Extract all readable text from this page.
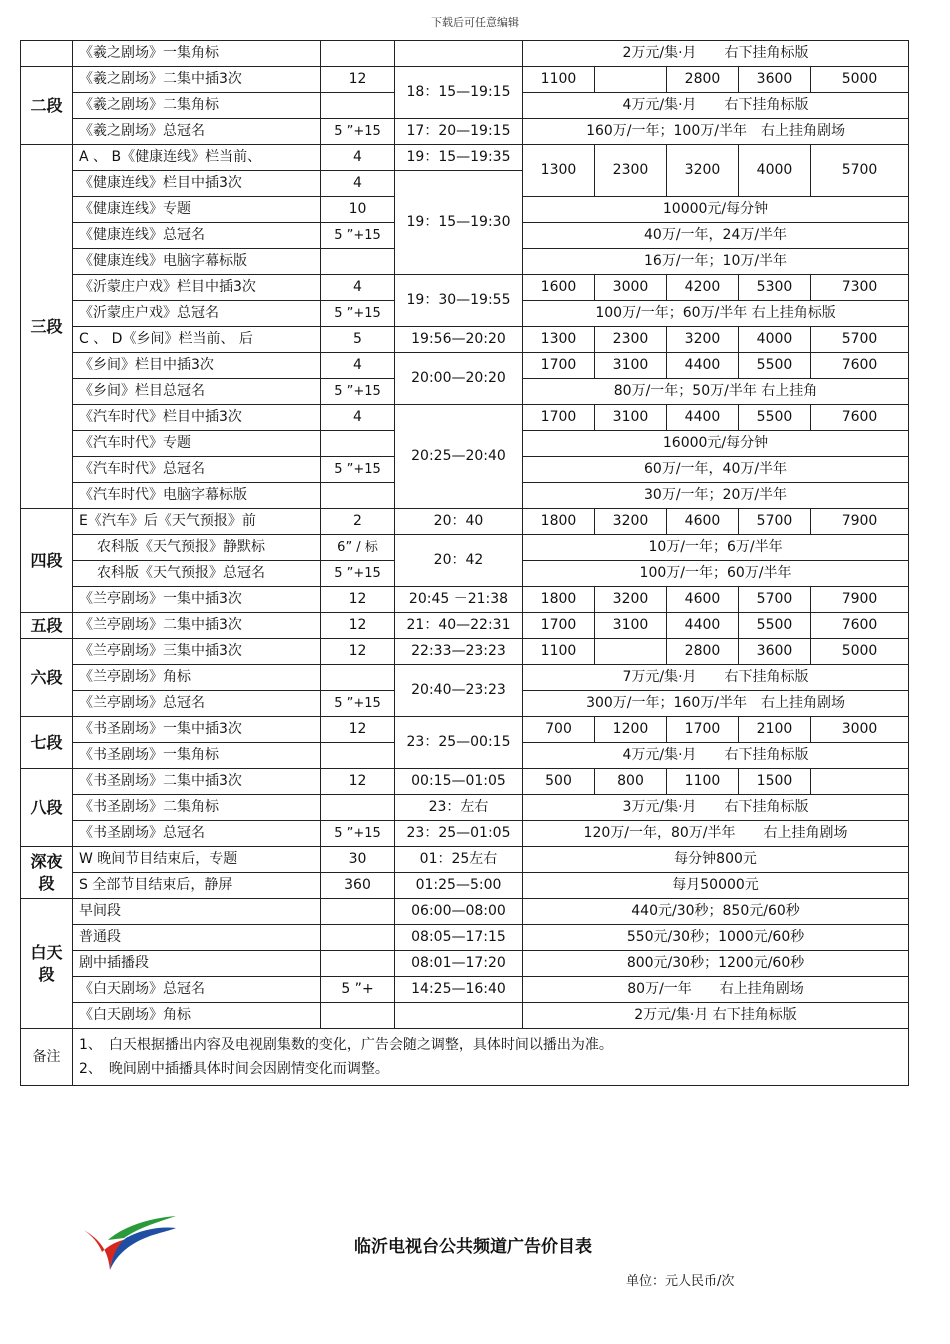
下载后可任意编辑
	《羲之剧场》一集角标			2万元/集·月　　右下挂角标版				
二段	《羲之剧场》二集中插3次	12	18：15—19:15	1100		2800	3600	5000
	《羲之剧场》二集角标			4万元/集·月　　右下挂角标版				
	《羲之剧场》总冠名	5 ”+15	17：20—19:15	160万/一年；100万/半年　右上挂角剧场				
三段	A 、 B《健康连线》栏当前、	4	19：15—19:35	1300	2300	3200	4000	5700
	《健康连线》栏目中插3次	4	19：15—19:30					
	《健康连线》专题	10		10000元/每分钟				
	《健康连线》总冠名	5 ”+15		40万/一年，24万/半年				
	《健康连线》电脑字幕标版			16万/一年；10万/半年				
	《沂蒙庄户戏》栏目中插3次	4	19：30—19:55	1600	3000	4200	5300	7300
	《沂蒙庄户戏》总冠名	5 ”+15		100万/一年；60万/半年 右上挂角标版				
	C 、 D《乡间》栏当前、 后	5	19:56—20:20	1300	2300	3200	4000	5700
	《乡间》栏目中插3次	4	20:00—20:20	1700	3100	4400	5500	7600
	《乡间》栏目总冠名	5 ”+15		80万/一年；50万/半年 右上挂角				
	《汽车时代》栏目中插3次	4	20:25—20:40	1700	3100	4400	5500	7600
	《汽车时代》专题			16000元/每分钟				
	《汽车时代》总冠名	5 ”+15		60万/一年，40万/半年				
	《汽车时代》电脑字幕标版			30万/一年；20万/半年				
四段	E《汽车》后《天气预报》前	2	20：40	1800	3200	4600	5700	7900
	农科版《天气预报》静默标	6” / 标	20：42	10万/一年；6万/半年				
	农科版《天气预报》总冠名	5 ”+15		100万/一年；60万/半年				
	《兰亭剧场》一集中插3次	12	20:45 －21:38	1800	3200	4600	5700	7900
五段	《兰亭剧场》二集中插3次	12	21：40—22:31	1700	3100	4400	5500	7600
六段	《兰亭剧场》三集中插3次	12	22:33—23:23	1100		2800	3600	5000
	《兰亭剧场》角标		20:40—23:23	7万元/集·月　　右下挂角标版				
	《兰亭剧场》总冠名	5 ”+15		300万/一年；160万/半年　右上挂角剧场				
七段	《书圣剧场》一集中插3次	12	23：25—00:15	700	1200	1700	2100	3000
	《书圣剧场》一集角标			4万元/集·月　　右下挂角标版				
八段	《书圣剧场》二集中插3次	12	00:15—01:05	500	800	1100	1500	
	《书圣剧场》二集角标		23：左右	3万元/集·月　　右下挂角标版				
	《书圣剧场》总冠名	5 ”+15	23：25—01:05	120万/一年，80万/半年　　右上挂角剧场				
深夜段	W 晚间节目结束后，专题	30	01：25左右	每分钟800元				
	S 全部节目结束后，静屏	360	01:25—5:00	每月50000元				
白天段	早间段		06:00—08:00	440元/30秒；850元/60秒				
	普通段		08:05—17:15	550元/30秒；1000元/60秒				
	剧中插播段		08:01—17:20	800元/30秒；1200元/60秒				
	《白天剧场》总冠名	5 ”+	14:25—16:40	80万/一年　　右上挂角剧场				
	《白天剧场》角标			2万元/集·月 右下挂角标版				
备注	1、　白天根据播出内容及电视剧集数的变化，广告会随之调整，具体时间以播出为准。
2、　晚间剧中插播具体时间会因剧情变化而调整。							
临沂电视台公共频道广告价目表
单位：元人民币/次
